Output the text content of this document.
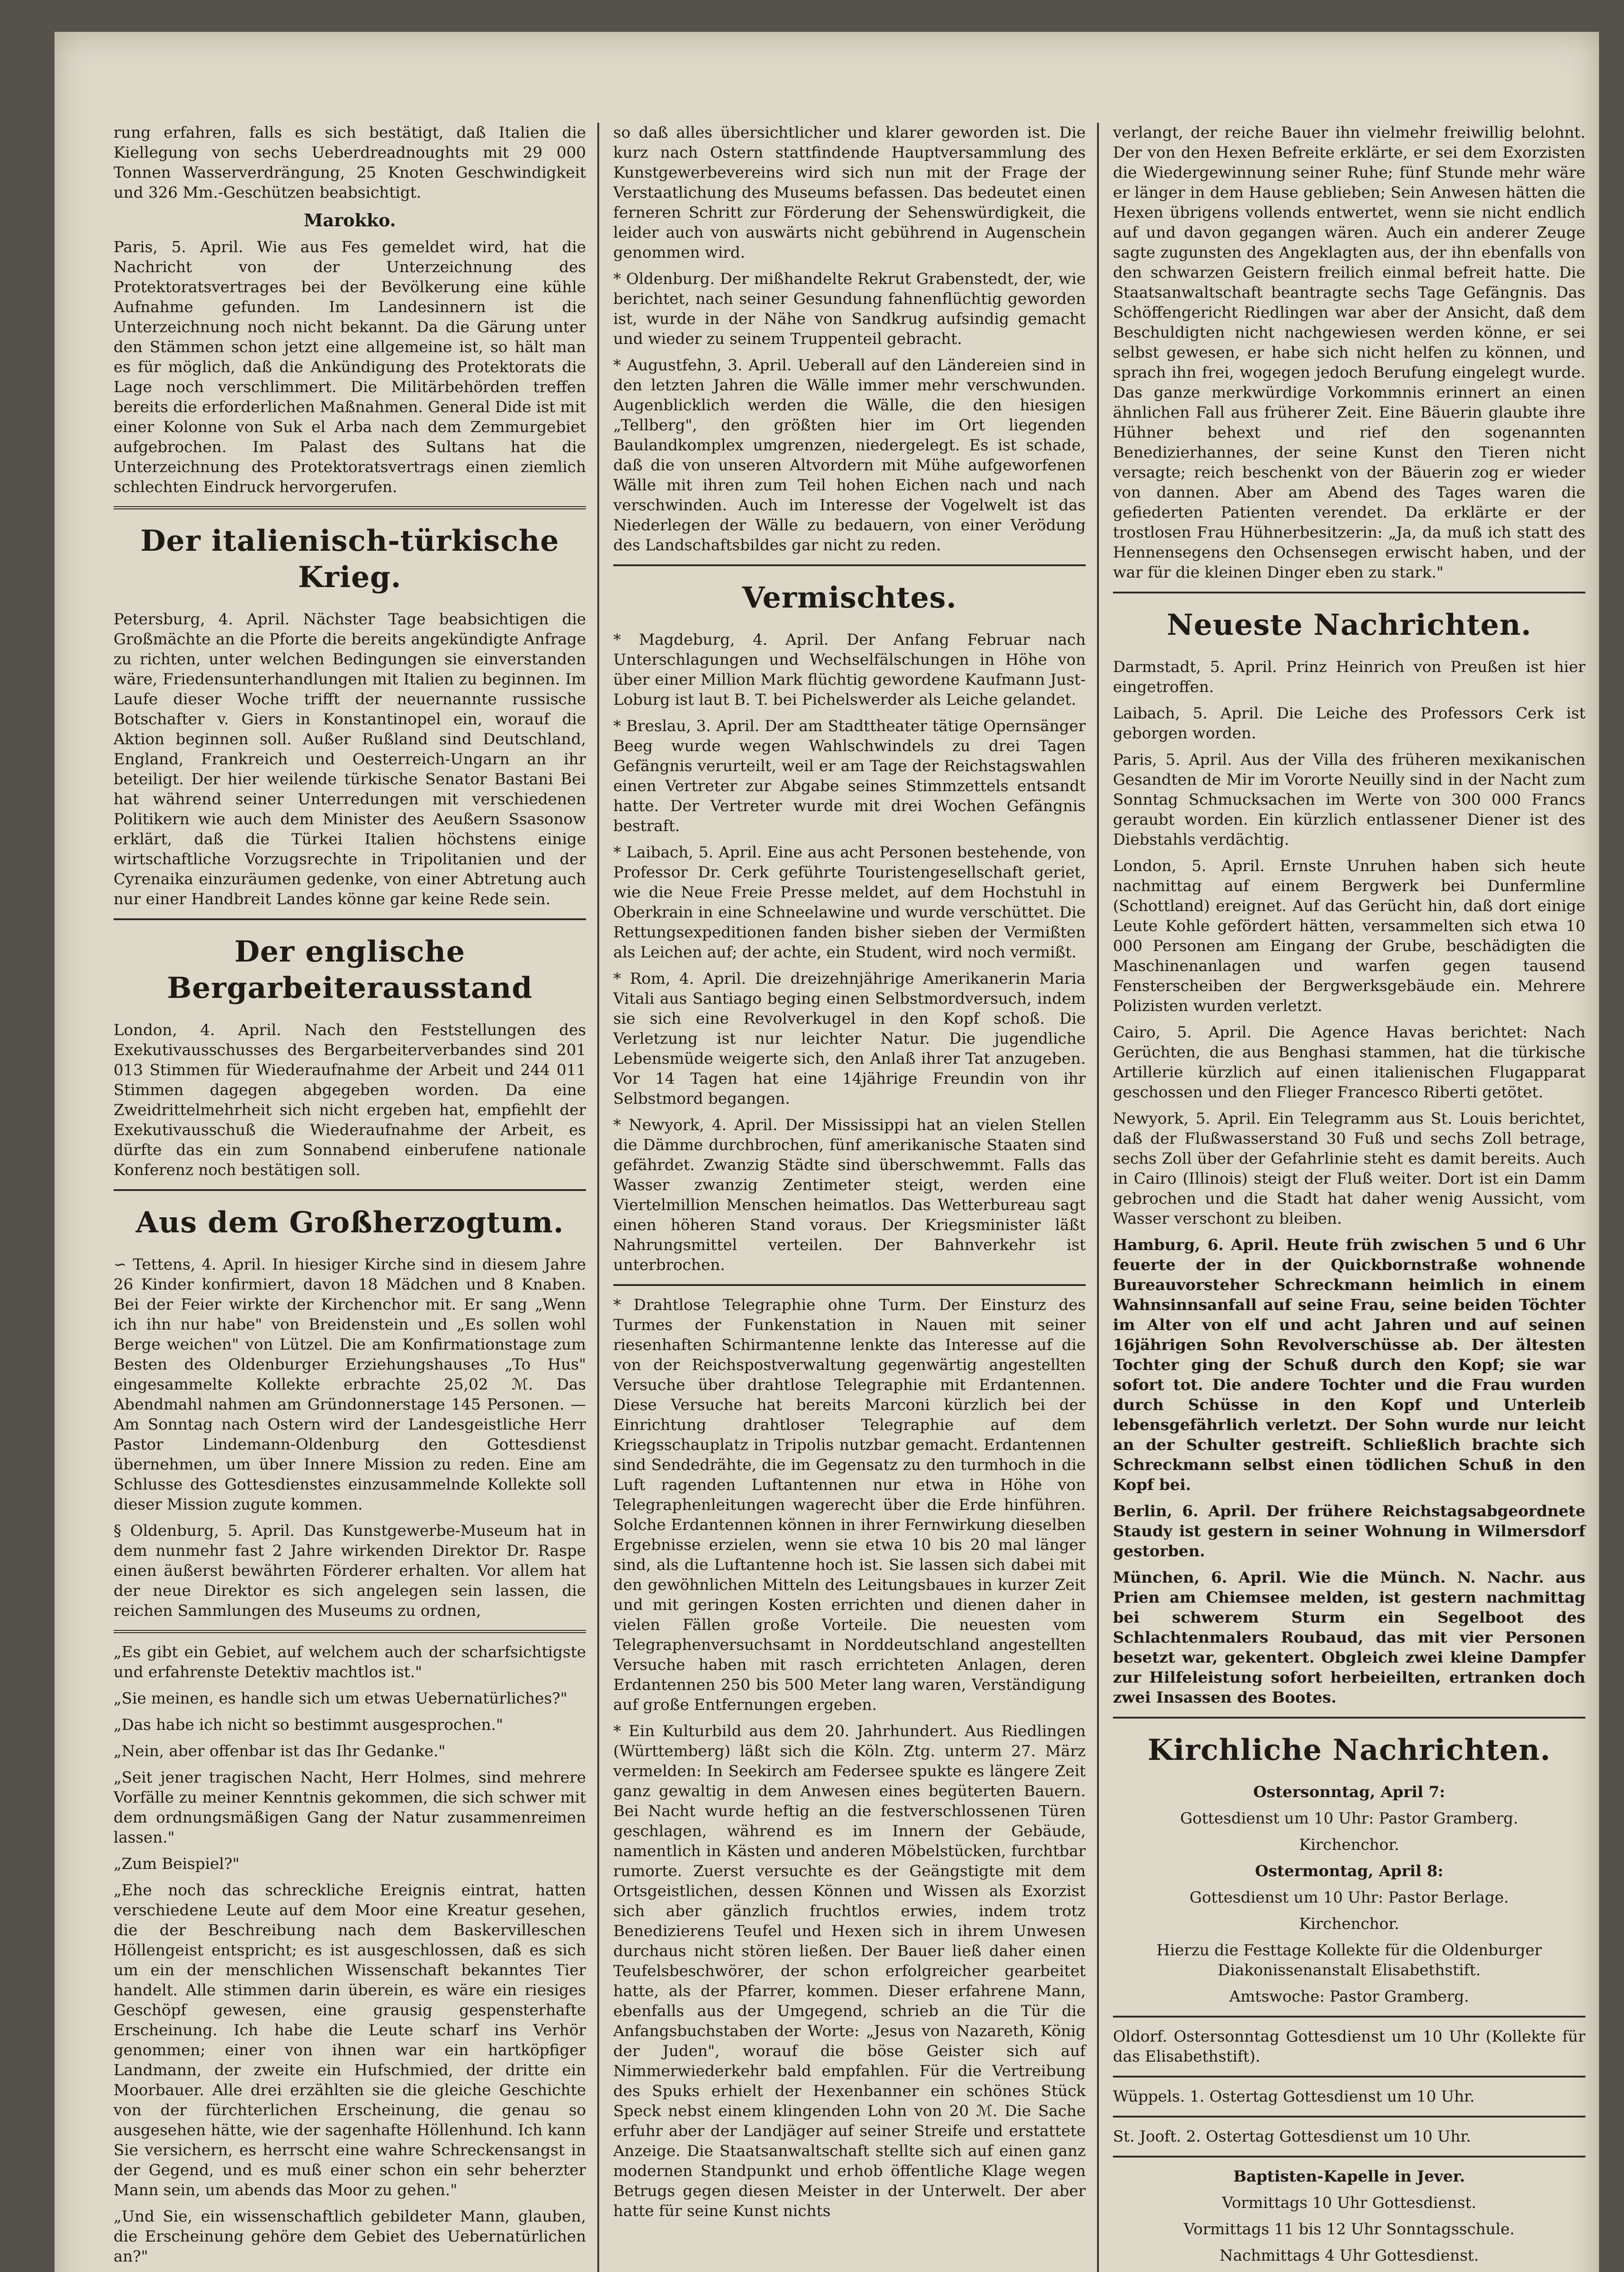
rung erfahren, falls es sich bestätigt, daß Italien die Kiellegung von sechs Ueberdreadnoughts mit 29 000 Tonnen Wasserverdrängung, 25 Knoten Geschwindigkeit und 326 Mm.-Geschützen beabsichtigt.

Marokko.

Paris, 5. April. Wie aus Fes gemeldet wird, hat die Nachricht von der Unterzeichnung des Protektoratsvertrages bei der Bevölkerung eine kühle Aufnahme gefunden. Im Landesinnern ist die Unterzeichnung noch nicht bekannt. Da die Gärung unter den Stämmen schon jetzt eine allgemeine ist, so hält man es für möglich, daß die Ankündigung des Protektorats die Lage noch verschlimmert. Die Militärbehörden treffen bereits die erforderlichen Maßnahmen. General Dide ist mit einer Kolonne von Suk el Arba nach dem Zemmurgebiet aufgebrochen. Im Palast des Sultans hat die Unterzeichnung des Protektoratsvertrags einen ziemlich schlechten Eindruck hervorgerufen.

Der italienisch-türkische Krieg.

Petersburg, 4. April. Nächster Tage beabsichtigen die Großmächte an die Pforte die bereits angekündigte Anfrage zu richten, unter welchen Bedingungen sie einverstanden wäre, Friedensunterhandlungen mit Italien zu beginnen. Im Laufe dieser Woche trifft der neuernannte russische Botschafter v. Giers in Konstantinopel ein, worauf die Aktion beginnen soll. Außer Rußland sind Deutschland, England, Frankreich und Oesterreich-Ungarn an ihr beteiligt. Der hier weilende türkische Senator Bastani Bei hat während seiner Unterredungen mit verschiedenen Politikern wie auch dem Minister des Aeußern Ssasonow erklärt, daß die Türkei Italien höchstens einige wirtschaftliche Vorzugsrechte in Tripolitanien und der Cyrenaika einzuräumen gedenke, von einer Abtretung auch nur einer Handbreit Landes könne gar keine Rede sein.

Der englische Bergarbeiterausstand

London, 4. April. Nach den Feststellungen des Exekutivausschusses des Bergarbeiterverbandes sind 201 013 Stimmen für Wiederaufnahme der Arbeit und 244 011 Stimmen dagegen abgegeben worden. Da eine Zweidrittelmehrheit sich nicht ergeben hat, empfiehlt der Exekutivausschuß die Wiederaufnahme der Arbeit, es dürfte das ein zum Sonnabend einberufene nationale Konferenz noch bestätigen soll.

Aus dem Großherzogtum.

∽ Tettens, 4. April. In hiesiger Kirche sind in diesem Jahre 26 Kinder konfirmiert, davon 18 Mädchen und 8 Knaben. Bei der Feier wirkte der Kirchenchor mit. Er sang „Wenn ich ihn nur habe" von Breidenstein und „Es sollen wohl Berge weichen" von Lützel. Die am Konfirmationstage zum Besten des Oldenburger Erziehungshauses „To Hus" eingesammelte Kollekte erbrachte 25,02 ℳ. Das Abendmahl nahmen am Gründonnerstage 145 Personen. — Am Sonntag nach Ostern wird der Landesgeistliche Herr Pastor Lindemann-Oldenburg den Gottesdienst übernehmen, um über Innere Mission zu reden. Eine am Schlusse des Gottesdienstes einzusammelnde Kollekte soll dieser Mission zugute kommen.

§ Oldenburg, 5. April. Das Kunstgewerbe-Museum hat in dem nunmehr fast 2 Jahre wirkenden Direktor Dr. Raspe einen äußerst bewährten Förderer erhalten. Vor allem hat der neue Direktor es sich angelegen sein lassen, die reichen Sammlungen des Museums zu ordnen,

„Es gibt ein Gebiet, auf welchem auch der scharfsichtigste und erfahrenste Detektiv machtlos ist."

„Sie meinen, es handle sich um etwas Uebernatürliches?"

„Das habe ich nicht so bestimmt ausgesprochen."

„Nein, aber offenbar ist das Ihr Gedanke."

„Seit jener tragischen Nacht, Herr Holmes, sind mehrere Vorfälle zu meiner Kenntnis gekommen, die sich schwer mit dem ordnungsmäßigen Gang der Natur zusammenreimen lassen."

„Zum Beispiel?"

„Ehe noch das schreckliche Ereignis eintrat, hatten verschiedene Leute auf dem Moor eine Kreatur gesehen, die der Beschreibung nach dem Baskervilleschen Höllengeist entspricht; es ist ausgeschlossen, daß es sich um ein der menschlichen Wissenschaft bekanntes Tier handelt. Alle stimmen darin überein, es wäre ein riesiges Geschöpf gewesen, eine grausig gespensterhafte Erscheinung. Ich habe die Leute scharf ins Verhör genommen; einer von ihnen war ein hartköpfiger Landmann, der zweite ein Hufschmied, der dritte ein Moorbauer. Alle drei erzählten sie die gleiche Geschichte von der fürchterlichen Erscheinung, die genau so ausgesehen hätte, wie der sagenhafte Höllenhund. Ich kann Sie versichern, es herrscht eine wahre Schreckensangst in der Gegend, und es muß einer schon ein sehr beherzter Mann sein, um abends das Moor zu gehen."

„Und Sie, ein wissenschaftlich gebildeter Mann, glauben, die Erscheinung gehöre dem Gebiet des Uebernatürlichen an?"

so daß alles übersichtlicher und klarer geworden ist. Die kurz nach Ostern stattfindende Hauptversammlung des Kunstgewerbevereins wird sich nun mit der Frage der Verstaatlichung des Museums befassen. Das bedeutet einen ferneren Schritt zur Förderung der Sehenswürdigkeit, die leider auch von auswärts nicht gebührend in Augenschein genommen wird.

* Oldenburg. Der mißhandelte Rekrut Grabenstedt, der, wie berichtet, nach seiner Gesundung fahnenflüchtig geworden ist, wurde in der Nähe von Sandkrug aufsindig gemacht und wieder zu seinem Truppenteil gebracht.

* Augustfehn, 3. April. Ueberall auf den Ländereien sind in den letzten Jahren die Wälle immer mehr verschwunden. Augenblicklich werden die Wälle, die den hiesigen „Tellberg", den größten hier im Ort liegenden Baulandkomplex umgrenzen, niedergelegt. Es ist schade, daß die von unseren Altvordern mit Mühe aufgeworfenen Wälle mit ihren zum Teil hohen Eichen nach und nach verschwinden. Auch im Interesse der Vogelwelt ist das Niederlegen der Wälle zu bedauern, von einer Verödung des Landschaftsbildes gar nicht zu reden.

Vermischtes.

* Magdeburg, 4. April. Der Anfang Februar nach Unterschlagungen und Wechselfälschungen in Höhe von über einer Million Mark flüchtig gewordene Kaufmann Just-Loburg ist laut B. T. bei Pichelswerder als Leiche gelandet.

* Breslau, 3. April. Der am Stadttheater tätige Opernsänger Beeg wurde wegen Wahlschwindels zu drei Tagen Gefängnis verurteilt, weil er am Tage der Reichstagswahlen einen Vertreter zur Abgabe seines Stimmzettels entsandt hatte. Der Vertreter wurde mit drei Wochen Gefängnis bestraft.

* Laibach, 5. April. Eine aus acht Personen bestehende, von Professor Dr. Cerk geführte Touristengesellschaft geriet, wie die Neue Freie Presse meldet, auf dem Hochstuhl in Oberkrain in eine Schneelawine und wurde verschüttet. Die Rettungsexpeditionen fanden bisher sieben der Vermißten als Leichen auf; der achte, ein Student, wird noch vermißt.

* Rom, 4. April. Die dreizehnjährige Amerikanerin Maria Vitali aus Santiago beging einen Selbstmordversuch, indem sie sich eine Revolverkugel in den Kopf schoß. Die Verletzung ist nur leichter Natur. Die jugendliche Lebensmüde weigerte sich, den Anlaß ihrer Tat anzugeben. Vor 14 Tagen hat eine 14jährige Freundin von ihr Selbstmord begangen.

* Newyork, 4. April. Der Mississippi hat an vielen Stellen die Dämme durchbrochen, fünf amerikanische Staaten sind gefährdet. Zwanzig Städte sind überschwemmt. Falls das Wasser zwanzig Zentimeter steigt, werden eine Viertelmillion Menschen heimatlos. Das Wetterbureau sagt einen höheren Stand voraus. Der Kriegsminister läßt Nahrungsmittel verteilen. Der Bahnverkehr ist unterbrochen.

* Drahtlose Telegraphie ohne Turm. Der Einsturz des Turmes der Funkenstation in Nauen mit seiner riesenhaften Schirmantenne lenkte das Interesse auf die von der Reichspostverwaltung gegenwärtig angestellten Versuche über drahtlose Telegraphie mit Erdantennen. Diese Versuche hat bereits Marconi kürzlich bei der Einrichtung drahtloser Telegraphie auf dem Kriegsschauplatz in Tripolis nutzbar gemacht. Erdantennen sind Sendedrähte, die im Gegensatz zu den turmhoch in die Luft ragenden Luftantennen nur etwa in Höhe von Telegraphenleitungen wagerecht über die Erde hinführen. Solche Erdantennen können in ihrer Fernwirkung dieselben Ergebnisse erzielen, wenn sie etwa 10 bis 20 mal länger sind, als die Luftantenne hoch ist. Sie lassen sich dabei mit den gewöhnlichen Mitteln des Leitungsbaues in kurzer Zeit und mit geringen Kosten errichten und dienen daher in vielen Fällen große Vorteile. Die neuesten vom Telegraphenversuchsamt in Norddeutschland angestellten Versuche haben mit rasch errichteten Anlagen, deren Erdantennen 250 bis 500 Meter lang waren, Verständigung auf große Entfernungen ergeben.

* Ein Kulturbild aus dem 20. Jahrhundert. Aus Riedlingen (Württemberg) läßt sich die Köln. Ztg. unterm 27. März vermelden: In Seekirch am Federsee spukte es längere Zeit ganz gewaltig in dem Anwesen eines begüterten Bauern. Bei Nacht wurde heftig an die festverschlossenen Türen geschlagen, während es im Innern der Gebäude, namentlich in Kästen und anderen Möbelstücken, furchtbar rumorte. Zuerst versuchte es der Geängstigte mit dem Ortsgeistlichen, dessen Können und Wissen als Exorzist sich aber gänzlich fruchtlos erwies, indem trotz Benedizierens Teufel und Hexen sich in ihrem Unwesen durchaus nicht stören ließen. Der Bauer ließ daher einen Teufelsbeschwörer, der schon erfolgreicher gearbeitet hatte, als der Pfarrer, kommen. Dieser erfahrene Mann, ebenfalls aus der Umgegend, schrieb an die Tür die Anfangsbuchstaben der Worte: „Jesus von Nazareth, König der Juden", worauf die böse Geister sich auf Nimmerwiederkehr bald empfahlen. Für die Vertreibung des Spuks erhielt der Hexenbanner ein schönes Stück Speck nebst einem klingenden Lohn von 20 ℳ. Die Sache erfuhr aber der Landjäger auf seiner Streife und erstattete Anzeige. Die Staatsanwaltschaft stellte sich auf einen ganz modernen Standpunkt und erhob öffentliche Klage wegen Betrugs gegen diesen Meister in der Unterwelt. Der aber hatte für seine Kunst nichts

verlangt, der reiche Bauer ihn vielmehr freiwillig belohnt. Der von den Hexen Befreite erklärte, er sei dem Exorzisten die Wiedergewinnung seiner Ruhe; fünf Stunde mehr wäre er länger in dem Hause geblieben; Sein Anwesen hätten die Hexen übrigens vollends entwertet, wenn sie nicht endlich auf und davon gegangen wären. Auch ein anderer Zeuge sagte zugunsten des Angeklagten aus, der ihn ebenfalls von den schwarzen Geistern freilich einmal befreit hatte. Die Staatsanwaltschaft beantragte sechs Tage Gefängnis. Das Schöffengericht Riedlingen war aber der Ansicht, daß dem Beschuldigten nicht nachgewiesen werden könne, er sei selbst gewesen, er habe sich nicht helfen zu können, und sprach ihn frei, wogegen jedoch Berufung eingelegt wurde. Das ganze merkwürdige Vorkommnis erinnert an einen ähnlichen Fall aus früherer Zeit. Eine Bäuerin glaubte ihre Hühner behext und rief den sogenannten Benedizierhannes, der seine Kunst den Tieren nicht versagte; reich beschenkt von der Bäuerin zog er wieder von dannen. Aber am Abend des Tages waren die gefiederten Patienten verendet. Da erklärte er der trostlosen Frau Hühnerbesitzerin: „Ja, da muß ich statt des Hennensegens den Ochsensegen erwischt haben, und der war für die kleinen Dinger eben zu stark."

Neueste Nachrichten.

Darmstadt, 5. April. Prinz Heinrich von Preußen ist hier eingetroffen.

Laibach, 5. April. Die Leiche des Professors Cerk ist geborgen worden.

Paris, 5. April. Aus der Villa des früheren mexikanischen Gesandten de Mir im Vororte Neuilly sind in der Nacht zum Sonntag Schmucksachen im Werte von 300 000 Francs geraubt worden. Ein kürzlich entlassener Diener ist des Diebstahls verdächtig.

London, 5. April. Ernste Unruhen haben sich heute nachmittag auf einem Bergwerk bei Dunfermline (Schottland) ereignet. Auf das Gerücht hin, daß dort einige Leute Kohle gefördert hätten, versammelten sich etwa 10 000 Personen am Eingang der Grube, beschädigten die Maschinenanlagen und warfen gegen tausend Fensterscheiben der Bergwerksgebäude ein. Mehrere Polizisten wurden verletzt.

Cairo, 5. April. Die Agence Havas berichtet: Nach Gerüchten, die aus Benghasi stammen, hat die türkische Artillerie kürzlich auf einen italienischen Flugapparat geschossen und den Flieger Francesco Riberti getötet.

Newyork, 5. April. Ein Telegramm aus St. Louis berichtet, daß der Flußwasserstand 30 Fuß und sechs Zoll betrage, sechs Zoll über der Gefahrlinie steht es damit bereits. Auch in Cairo (Illinois) steigt der Fluß weiter. Dort ist ein Damm gebrochen und die Stadt hat daher wenig Aussicht, vom Wasser verschont zu bleiben.

Hamburg, 6. April. Heute früh zwischen 5 und 6 Uhr feuerte der in der Quickbornstraße wohnende Bureauvorsteher Schreckmann heimlich in einem Wahnsinnsanfall auf seine Frau, seine beiden Töchter im Alter von elf und acht Jahren und auf seinen 16jährigen Sohn Revolverschüsse ab. Der ältesten Tochter ging der Schuß durch den Kopf; sie war sofort tot. Die andere Tochter und die Frau wurden durch Schüsse in den Kopf und Unterleib lebensgefährlich verletzt. Der Sohn wurde nur leicht an der Schulter gestreift. Schließlich brachte sich Schreckmann selbst einen tödlichen Schuß in den Kopf bei.

Berlin, 6. April. Der frühere Reichstagsabgeordnete Staudy ist gestern in seiner Wohnung in Wilmersdorf gestorben.

München, 6. April. Wie die Münch. N. Nachr. aus Prien am Chiemsee melden, ist gestern nachmittag bei schwerem Sturm ein Segelboot des Schlachtenmalers Roubaud, das mit vier Personen besetzt war, gekentert. Obgleich zwei kleine Dampfer zur Hilfeleistung sofort herbeieilten, ertranken doch zwei Insassen des Bootes.

Kirchliche Nachrichten.

Ostersonntag, April 7:

Gottesdienst um 10 Uhr: Pastor Gramberg.

Kirchenchor.

Ostermontag, April 8:

Gottesdienst um 10 Uhr: Pastor Berlage.

Kirchenchor.

Hierzu die Festtage Kollekte für die Oldenburger Diakonissenanstalt Elisabethstift.

Amtswoche: Pastor Gramberg.

Oldorf. Ostersonntag Gottesdienst um 10 Uhr (Kollekte für das Elisabethstift).

Wüppels. 1. Ostertag Gottesdienst um 10 Uhr.

St. Jooft. 2. Ostertag Gottesdienst um 10 Uhr.

Baptisten-Kapelle in Jever.

Vormittags 10 Uhr Gottesdienst.

Vormittags 11 bis 12 Uhr Sonntagsschule.

Nachmittags 4 Uhr Gottesdienst.
